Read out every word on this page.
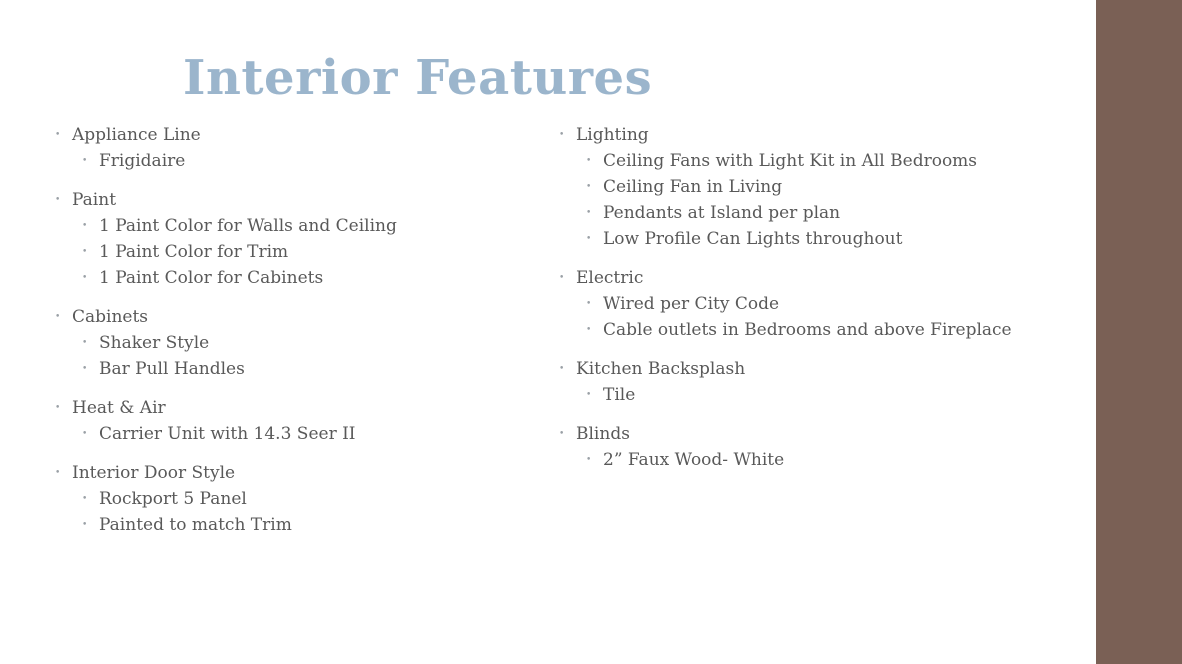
Interior Features
• Appliance Line
• Frigidaire
• Paint
• 1 Paint Color for Walls and Ceiling
• 1 Paint Color for Trim
• 1 Paint Color for Cabinets
• Cabinets
• Shaker Style
• Bar Pull Handles
• Heat & Air
• Carrier Unit with 14.3 Seer II
• Interior Door Style
• Rockport 5 Panel
• Painted to match Trim
• Lighting
• Ceiling Fans with Light Kit in All Bedrooms
• Ceiling Fan in Living
• Pendants at Island per plan
• Low Profile Can Lights throughout
• Electric
• Wired per City Code
• Cable outlets in Bedrooms and above Fireplace
• Kitchen Backsplash
• Tile
• Blinds
• 2” Faux Wood- White
